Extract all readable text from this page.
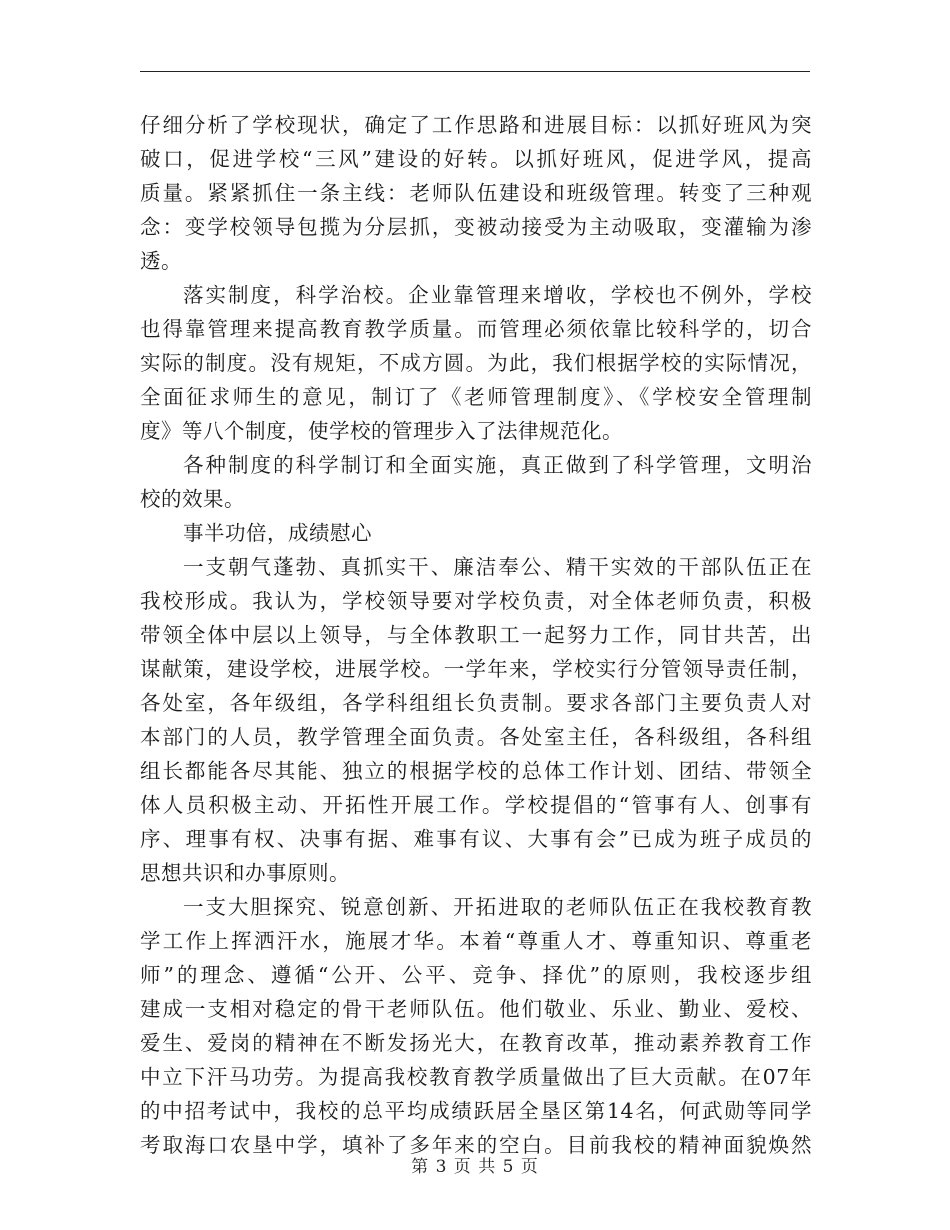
仔细分析了学校现状，确定了工作思路和进展目标：以抓好班风为突
破口，促进学校“三风”建设的好转。以抓好班风，促进学风，提高
质量。紧紧抓住一条主线：老师队伍建设和班级管理。转变了三种观
念：变学校领导包揽为分层抓，变被动接受为主动吸取，变灌输为渗
透。
落实制度，科学治校。企业靠管理来增收，学校也不例外，学校
也得靠管理来提高教育教学质量。而管理必须依靠比较科学的，切合
实际的制度。没有规矩，不成方圆。为此，我们根据学校的实际情况，
全面征求师生的意见，制订了《老师管理制度》、《学校安全管理制
度》等八个制度，使学校的管理步入了法律规范化。
各种制度的科学制订和全面实施，真正做到了科学管理，文明治
校的效果。
事半功倍，成绩慰心
一支朝气蓬勃、真抓实干、廉洁奉公、精干实效的干部队伍正在
我校形成。我认为，学校领导要对学校负责，对全体老师负责，积极
带领全体中层以上领导，与全体教职工一起努力工作，同甘共苦，出
谋献策，建设学校，进展学校。一学年来，学校实行分管领导责任制，
各处室，各年级组，各学科组组长负责制。要求各部门主要负责人对
本部门的人员，教学管理全面负责。各处室主任，各科级组，各科组
组长都能各尽其能、独立的根据学校的总体工作计划、团结、带领全
体人员积极主动、开拓性开展工作。学校提倡的“管事有人、创事有
序、理事有权、决事有据、难事有议、大事有会”已成为班子成员的
思想共识和办事原则。
一支大胆探究、锐意创新、开拓进取的老师队伍正在我校教育教
学工作上挥洒汗水，施展才华。本着“尊重人才、尊重知识、尊重老
师”的理念、遵循“公开、公平、竞争、择优”的原则，我校逐步组
建成一支相对稳定的骨干老师队伍。他们敬业、乐业、勤业、爱校、
爱生、爱岗的精神在不断发扬光大，在教育改革，推动素养教育工作
中立下汗马功劳。为提高我校教育教学质量做出了巨大贡献。在07年
的中招考试中，我校的总平均成绩跃居全垦区第14名，何武勋等同学
考取海口农垦中学，填补了多年来的空白。目前我校的精神面貌焕然
第 3 页 共 5 页
